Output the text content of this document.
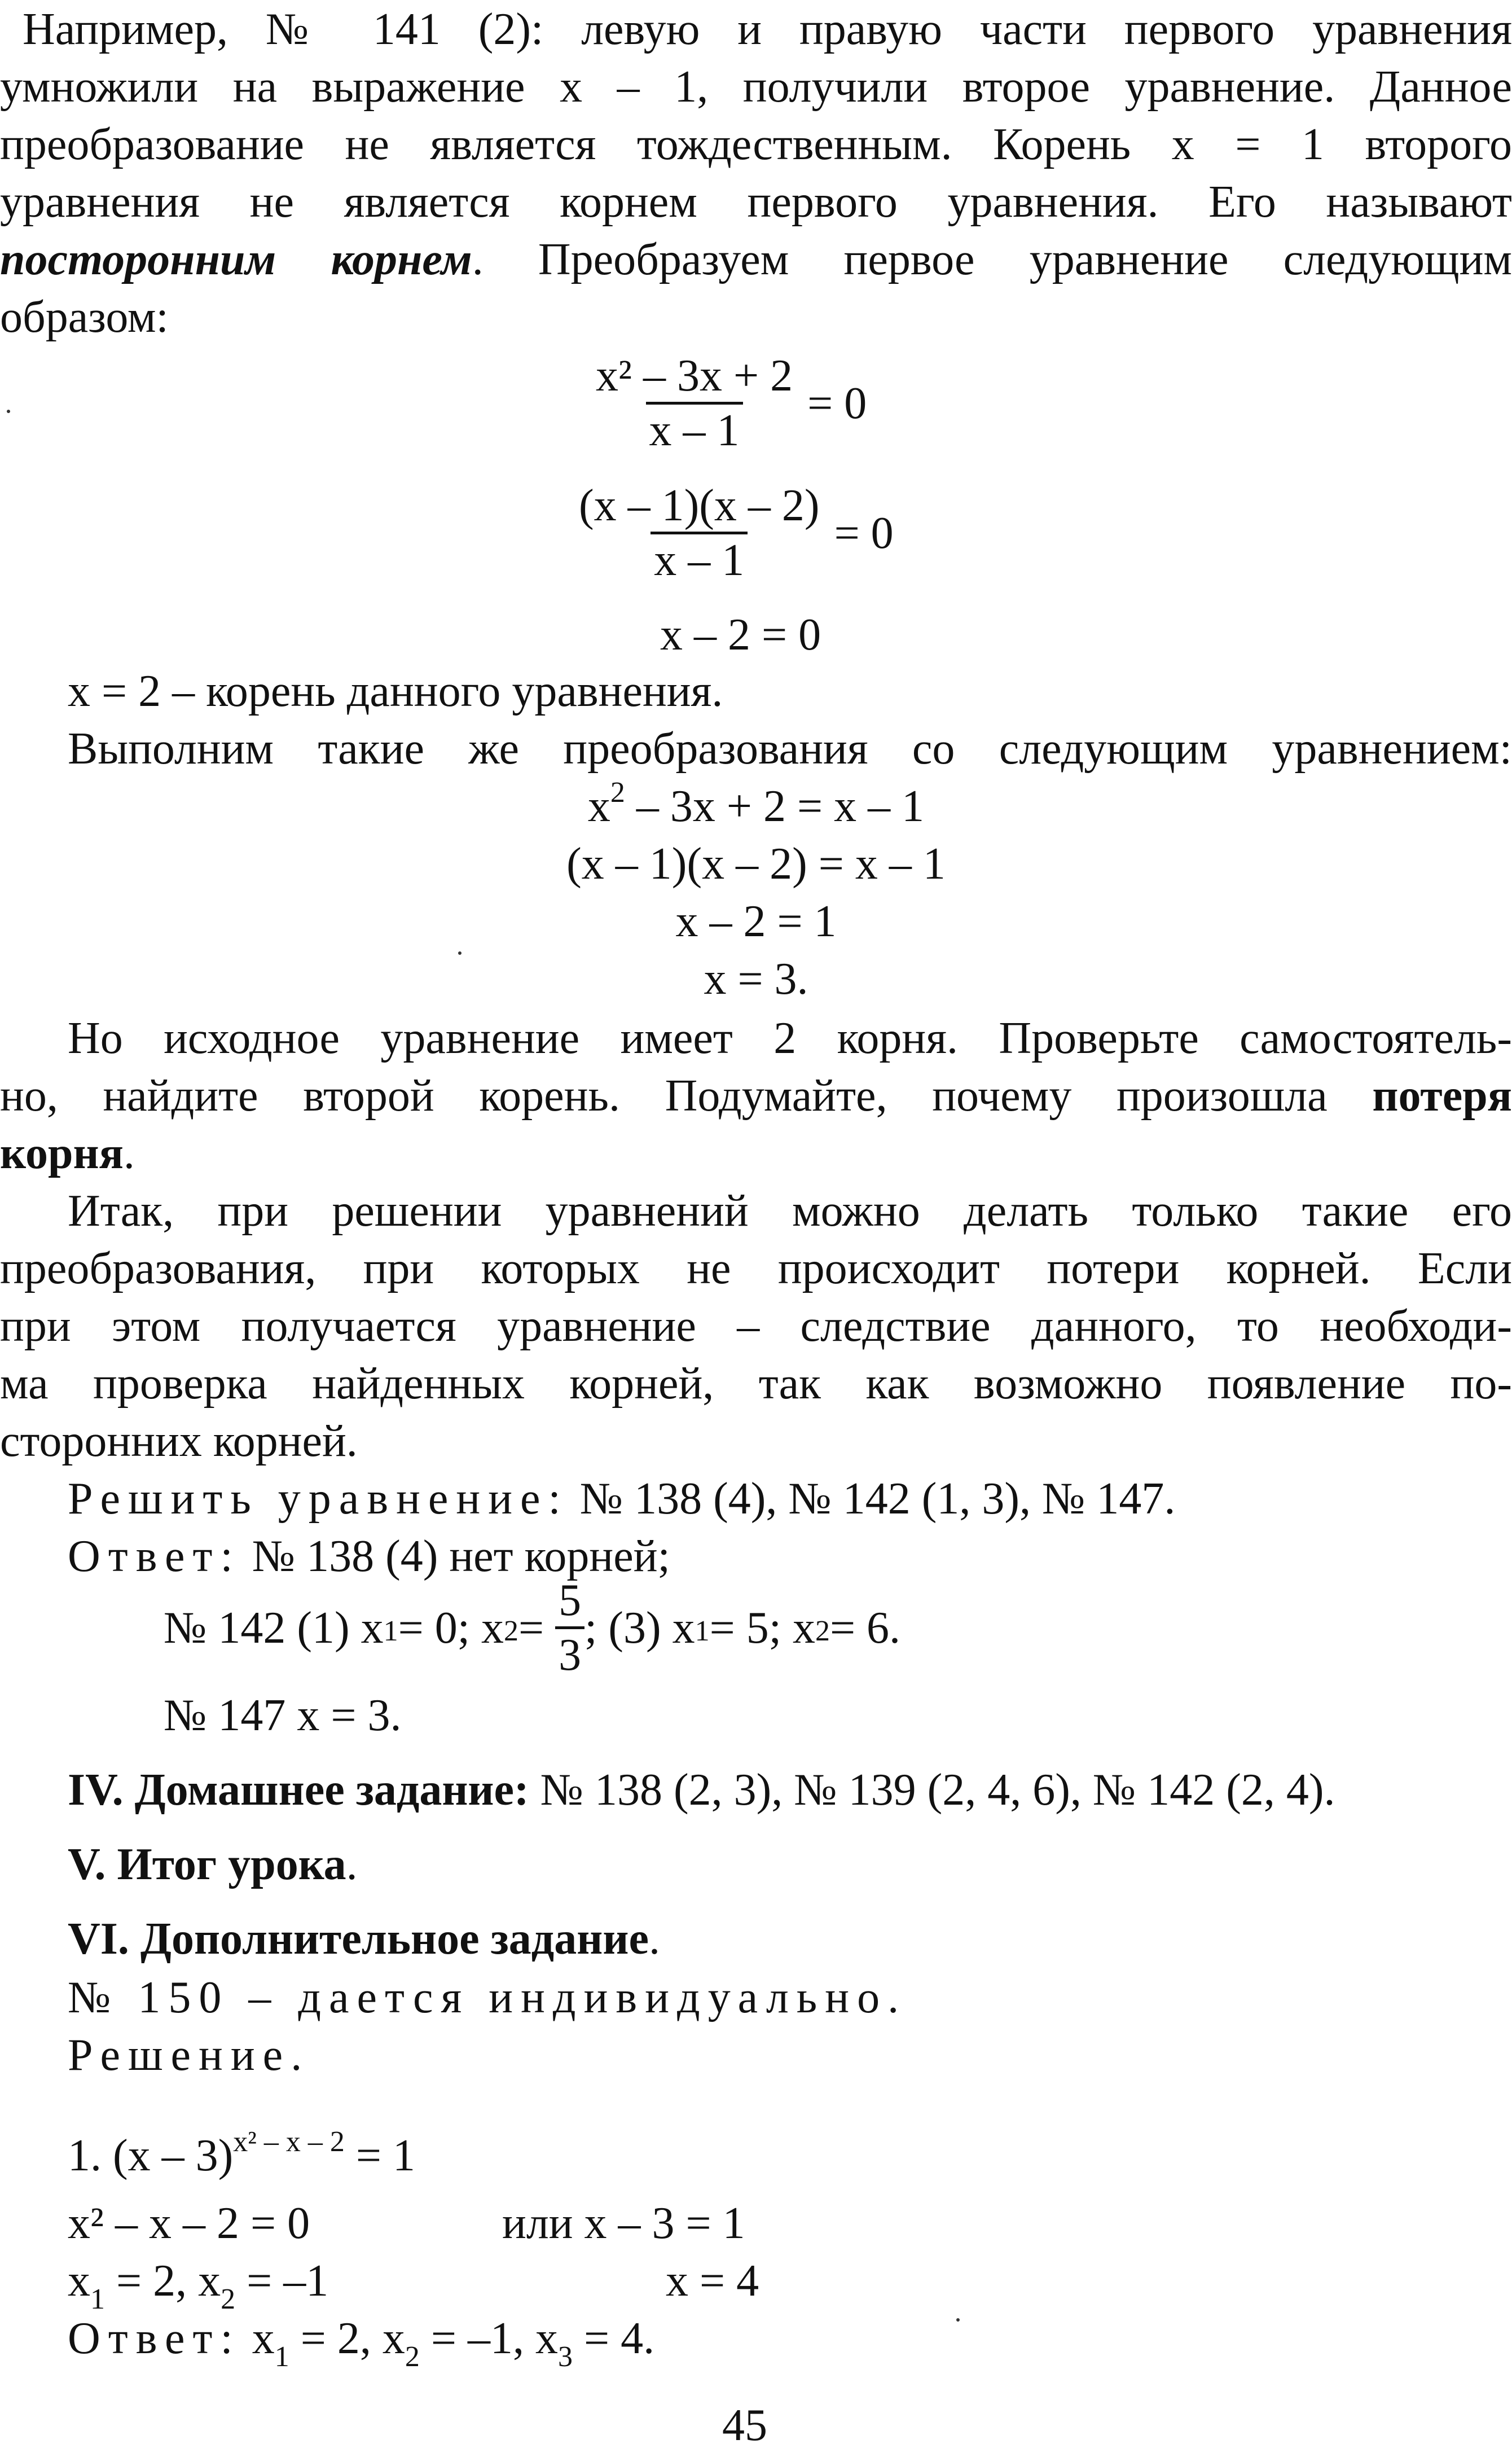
Например, № 141 (2): левую и правую части первого уравнения
умножили на выражение x – 1, получили второе уравнение. Данное
преобразование не является тождественным. Корень x = 1 второго
уравнения не является корнем первого уравнения. Его называют
посторонним корнем. Преобразуем первое уравнение следующим
образом:
$\frac{\text{x² – 3x + 2}}{x - 1} = 0$
$\frac{(x - 1)(x - 2)}{x - 1} = 0$
x – 2 = 0
x = 2 – корень данного уравнения.
Выполним такие же преобразования со следующим уравнением:
$x^2 - 3x + 2 = x - 1$
(x – 1)(x – 2) = x – 1
x – 2 = 1
x = 3.
Но исходное уравнение имеет 2 корня. Проверьте самостоятель-
но, найдите второй корень. Подумайте, почему произошла потеря
корня.
Итак, при решении уравнений можно делать только такие его
преобразования, при которых не происходит потери корней. Если
при этом получается уравнение – следствие данного, то необходи-
ма проверка найденных корней, так как возможно появление по-
сторонних корней.
Решить уравнение: № 138 (4), № 142 (1, 3), № 147.
Ответ: № 138 (4) нет корней;
№ 142 (1) $x_1= 0$; $x_2= \frac{5}{3}$ ; (3) $x_1= 5$; $x_2= 6$.
№ 147 x = 3.
IV. Домашнее задание: № 138 (2, 3), № 139 (2, 4, 6), № 142 (2, 4).
V. Итог урока.
VI. Дополнительное задание.
№ 150 – дается индивидуально.
Решение.
1. (x – 3)$^{x^2 - x - 2}$ = 1
x² – x – 2 = 0	или x – 3 = 1
$x_1 = 2$, $x_2 = -1$	x = 4
Ответ: $x_1 = 2$, $x_2 = -1$, $x_3 = 4$.
45
